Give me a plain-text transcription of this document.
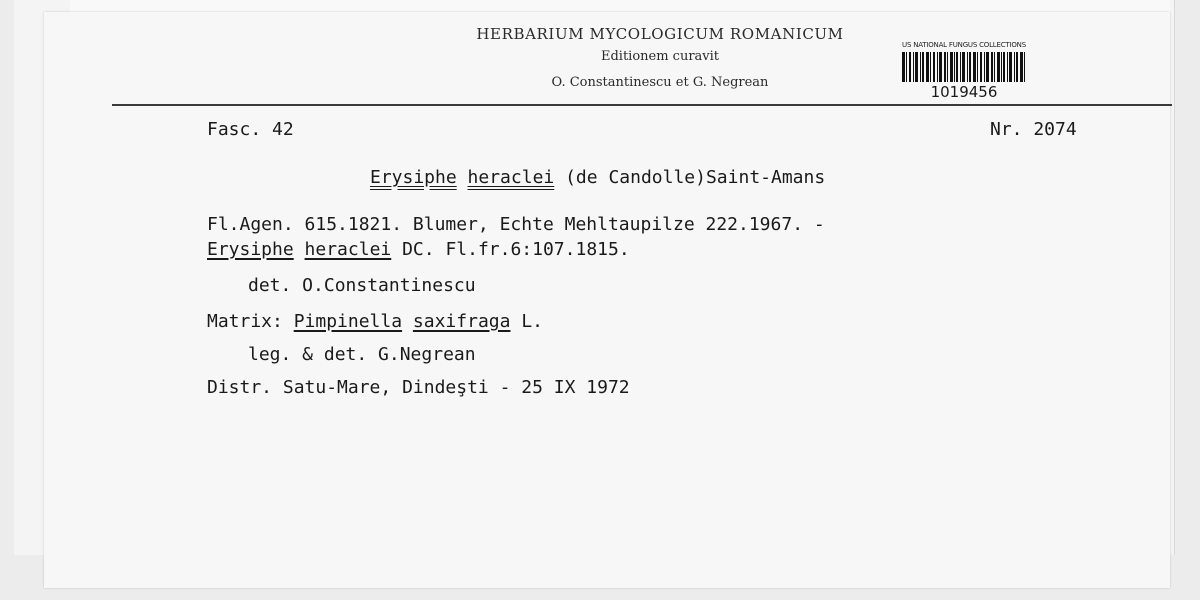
HERBARIUM MYCOLOGICUM ROMANICUM
Editionem curavit
O. Constantinescu et G. Negrean
US NATIONAL FUNGUS COLLECTIONS
1019456
Fasc. 42	Nr. 2074
Erysiphe heraclei (de Candolle)Saint-Amans
Fl.Agen. 615.1821. Blumer, Echte Mehltaupilze 222.1967. -
Erysiphe heraclei DC. Fl.fr.6:107.1815.
det. O.Constantinescu
Matrix: Pimpinella saxifraga L.
leg. & det. G.Negrean
Distr. Satu-Mare, Dindeşti - 25 IX 1972
